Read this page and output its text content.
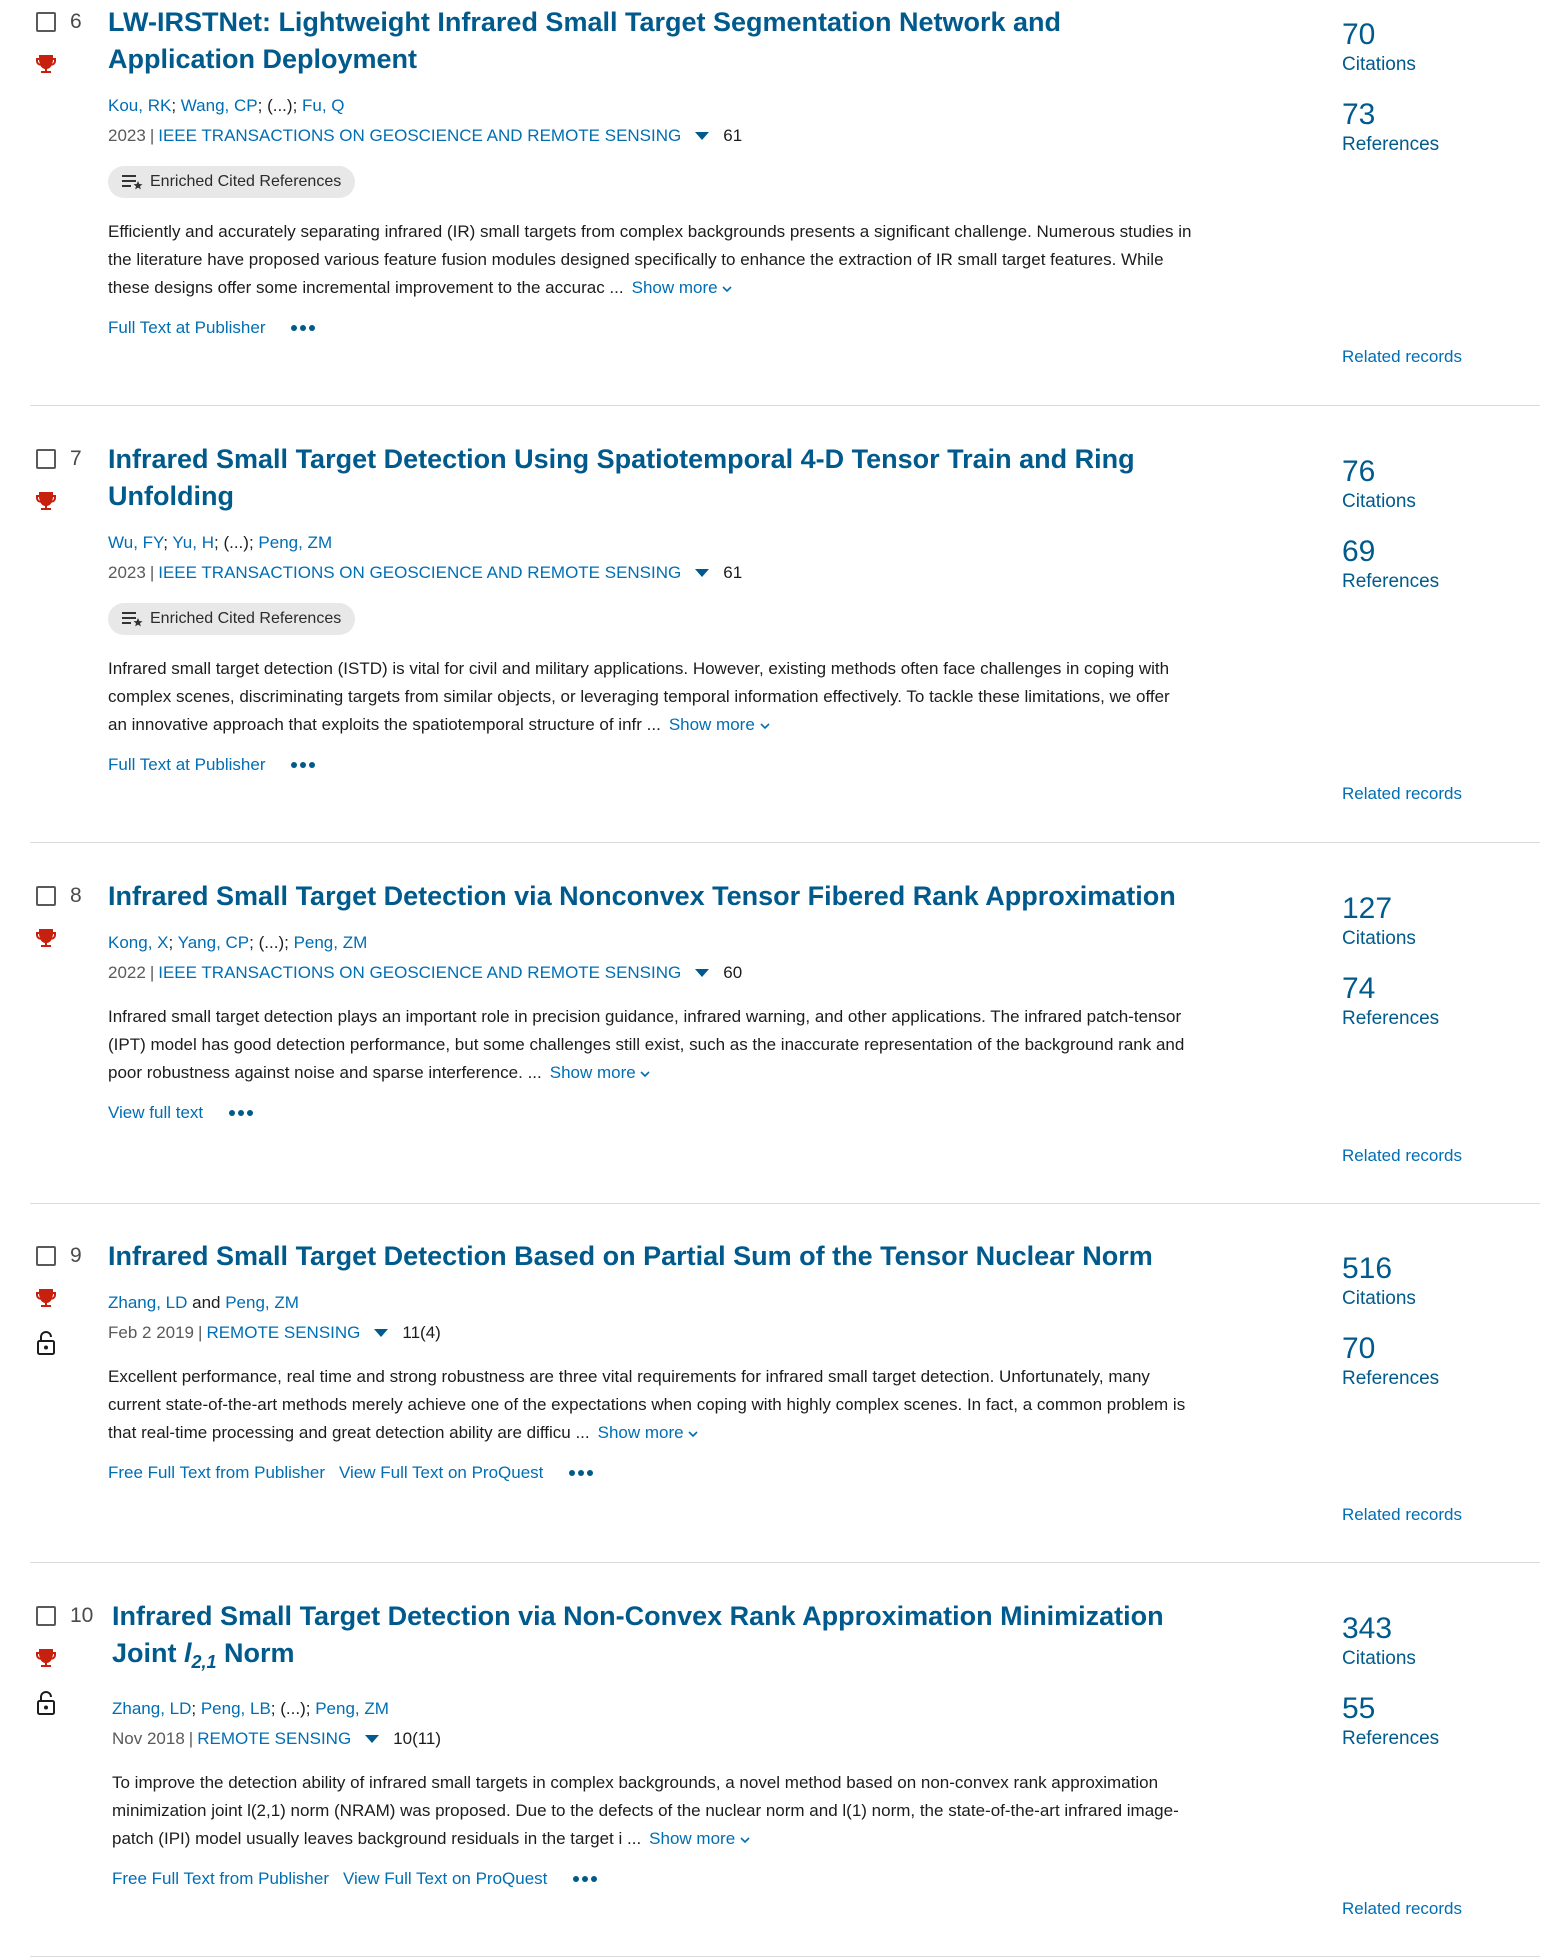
6 LW-IRSTNet: Lightweight Infrared Small Target Segmentation Network and Application Deployment
Kou, RK; Wang, CP; (...); Fu, Q
2023 | IEEE TRANSACTIONS ON GEOSCIENCE AND REMOTE SENSING 61
Enriched Cited References
Efficiently and accurately separating infrared (IR) small targets from complex backgrounds presents a significant challenge. Numerous studies in the literature have proposed various feature fusion modules designed specifically to enhance the extraction of IR small target features. While these designs offer some incremental improvement to the accurac ... Show more
Full Text at Publisher
70
Citations
73
References
Related records
7 Infrared Small Target Detection Using Spatiotemporal 4-D Tensor Train and Ring Unfolding
Wu, FY; Yu, H; (...); Peng, ZM
2023 | IEEE TRANSACTIONS ON GEOSCIENCE AND REMOTE SENSING 61
Enriched Cited References
Infrared small target detection (ISTD) is vital for civil and military applications. However, existing methods often face challenges in coping with complex scenes, discriminating targets from similar objects, or leveraging temporal information effectively. To tackle these limitations, we offer an innovative approach that exploits the spatiotemporal structure of infr ... Show more
Full Text at Publisher
76
Citations
69
References
Related records
8 Infrared Small Target Detection via Nonconvex Tensor Fibered Rank Approximation
Kong, X; Yang, CP; (...); Peng, ZM
2022 | IEEE TRANSACTIONS ON GEOSCIENCE AND REMOTE SENSING 60
Infrared small target detection plays an important role in precision guidance, infrared warning, and other applications. The infrared patch-tensor (IPT) model has good detection performance, but some challenges still exist, such as the inaccurate representation of the background rank and poor robustness against noise and sparse interference. ... Show more
View full text
127
Citations
74
References
Related records
9 Infrared Small Target Detection Based on Partial Sum of the Tensor Nuclear Norm
Zhang, LD and Peng, ZM
Feb 2 2019 | REMOTE SENSING 11(4)
Excellent performance, real time and strong robustness are three vital requirements for infrared small target detection. Unfortunately, many current state-of-the-art methods merely achieve one of the expectations when coping with highly complex scenes. In fact, a common problem is that real-time processing and great detection ability are difficu ... Show more
Free Full Text from Publisher View Full Text on ProQuest
516
Citations
70
References
Related records
10 Infrared Small Target Detection via Non-Convex Rank Approximation Minimization Joint $l_{2,1}$ Norm
Zhang, LD; Peng, LB; (...); Peng, ZM
Nov 2018 | REMOTE SENSING 10(11)
To improve the detection ability of infrared small targets in complex backgrounds, a novel method based on non-convex rank approximation minimization joint l(2,1) norm (NRAM) was proposed. Due to the defects of the nuclear norm and l(1) norm, the state-of-the-art infrared image-patch (IPI) model usually leaves background residuals in the target i ... Show more
Free Full Text from Publisher View Full Text on ProQuest
343
Citations
55
References
Related records
